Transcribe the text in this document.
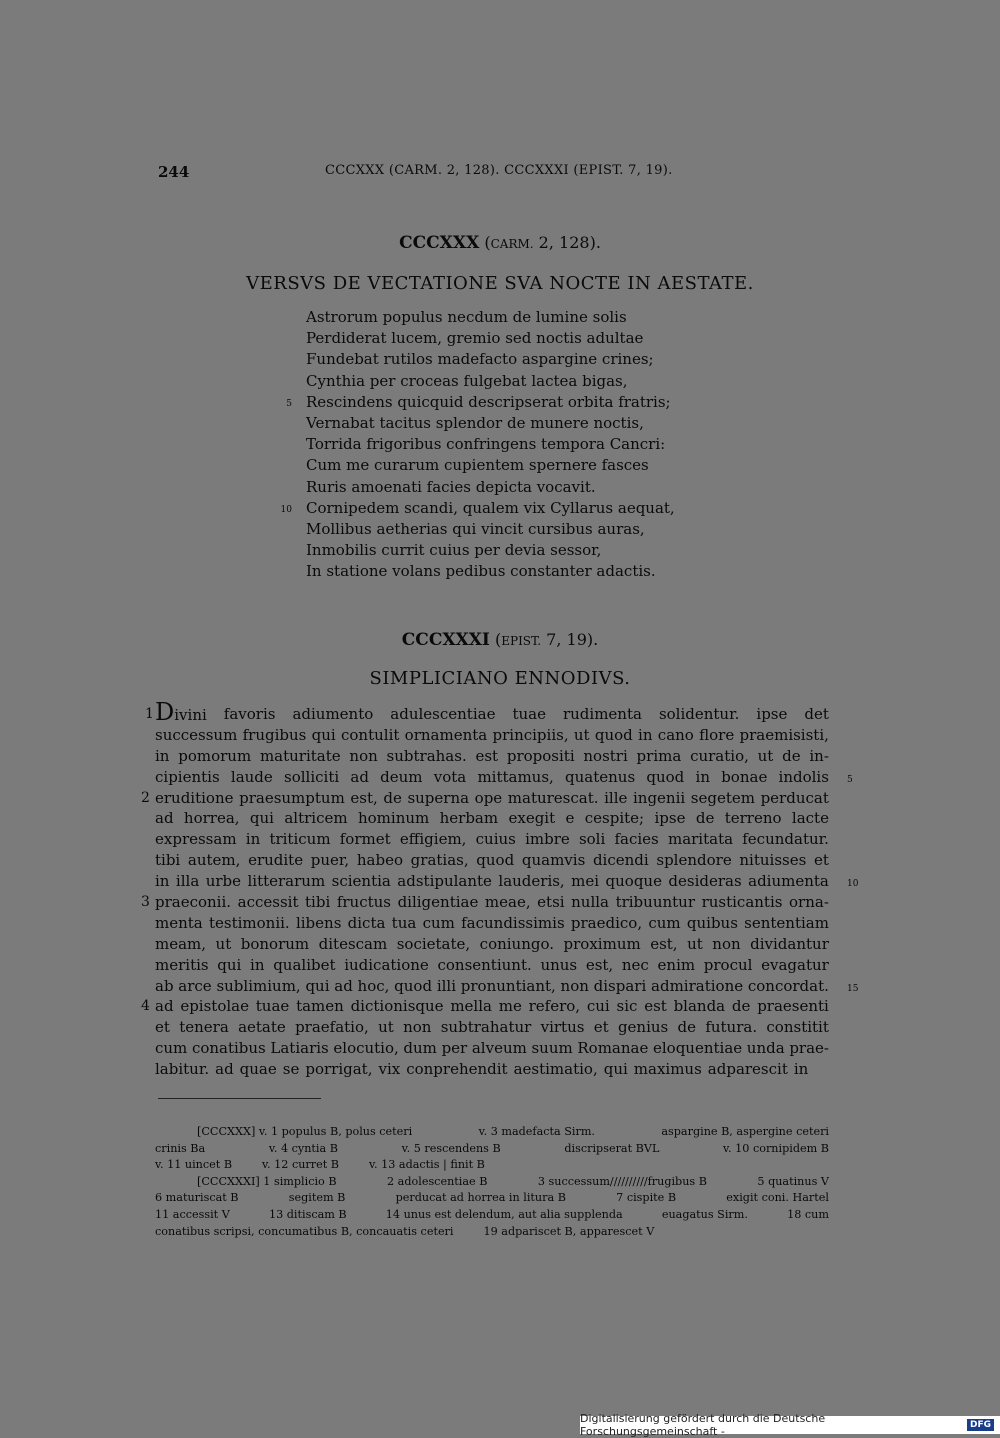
244	CCCXXX (CARM. 2, 128). CCCXXXI (EPIST. 7, 19).
CCCXXX (CARM. 2, 128).
VERSVS DE VECTATIONE SVA NOCTE IN AESTATE.
Astrorum populus necdum de lumine solis
Perdiderat lucem, gremio sed noctis adultae
Fundebat rutilos madefacto aspargine crines;
Cynthia per croceas fulgebat lactea bigas,
5 Rescindens quicquid descripserat orbita fratris;
Vernabat tacitus splendor de munere noctis,
Torrida frigoribus confringens tempora Cancri:
Cum me curarum cupientem spernere fasces
Ruris amoenati facies depicta vocavit.
10 Cornipedem scandi, qualem vix Cyllarus aequat,
Mollibus aetherias qui vincit cursibus auras,
Inmobilis currit cuius per devia sessor,
In statione volans pedibus constanter adactis.
CCCXXXI (EPIST. 7, 19).
SIMPLICIANO ENNODIVS.
1 Divini favoris adiumento adulescentiae tuae rudimenta solidentur. ipse det
successum frugibus qui contulit ornamenta principiis, ut quod in cano flore praemisisti,
in pomorum maturitate non subtrahas. est propositi nostri prima curatio, ut de in-
5
cipientis laude solliciti ad deum vota mittamus, quatenus quod in bonae indolis
2 eruditione praesumptum est, de superna ope maturescat. ille ingenii segetem perducat
ad horrea, qui altricem hominum herbam exegit e cespite; ipse de terreno lacte
expressam in triticum formet effigiem, cuius imbre soli facies maritata fecundatur.
tibi autem, erudite puer, habeo gratias, quod quamvis dicendi splendore nituisses et
10
in illa urbe litterarum scientia adstipulante lauderis, mei quoque desideras adiumenta
3 praeconii. accessit tibi fructus diligentiae meae, etsi nulla tribuuntur rusticantis orna-
menta testimonii. libens dicta tua cum facundissimis praedico, cum quibus sententiam
meam, ut bonorum ditescam societate, coniungo. proximum est, ut non dividantur
meritis qui in qualibet iudicatione consentiunt. unus est, nec enim procul evagatur
15
ab arce sublimium, qui ad hoc, quod illi pronuntiant, non dispari admiratione concordat.
4 ad epistolae tuae tamen dictionisque mella me refero, cui sic est blanda de praesenti
et tenera aetate praefatio, ut non subtrahatur virtus et genius de futura. constitit
cum conatibus Latiaris elocutio, dum per alveum suum Romanae eloquentiae unda prae-
labitur. ad quae se porrigat, vix conprehendit aestimatio, qui maximus adparescit in
[CCCXXX] v. 1 populus B, polus ceteri	v. 3 madefacta Sirm.	aspargine B, aspergine ceteri
crinis Ba	v. 4 cyntia B	v. 5 rescendens B	discripserat BVL	v. 10 cornipidem B
v. 11 uincet B	v. 12 curret B	v. 13 adactis | finit B
[CCCXXXI] 1 simplicio B	2 adolescentiae B	3 successum//////////frugibus B	5 quatinus V
6 maturiscat B	segitem B	perducat ad horrea in litura B	7 cispite B	exigit coni. Hartel
11 accessit V	13 ditiscam B	14 unus est delendum, aut alia supplenda	euagatus Sirm.	18 cum
conatibus scripsi, concumatibus B, concauatis ceteri	19 adpariscet B, apparescet V
Digitalisierung gefördert durch die Deutsche Forschungsgemeinschaft -	DFG
